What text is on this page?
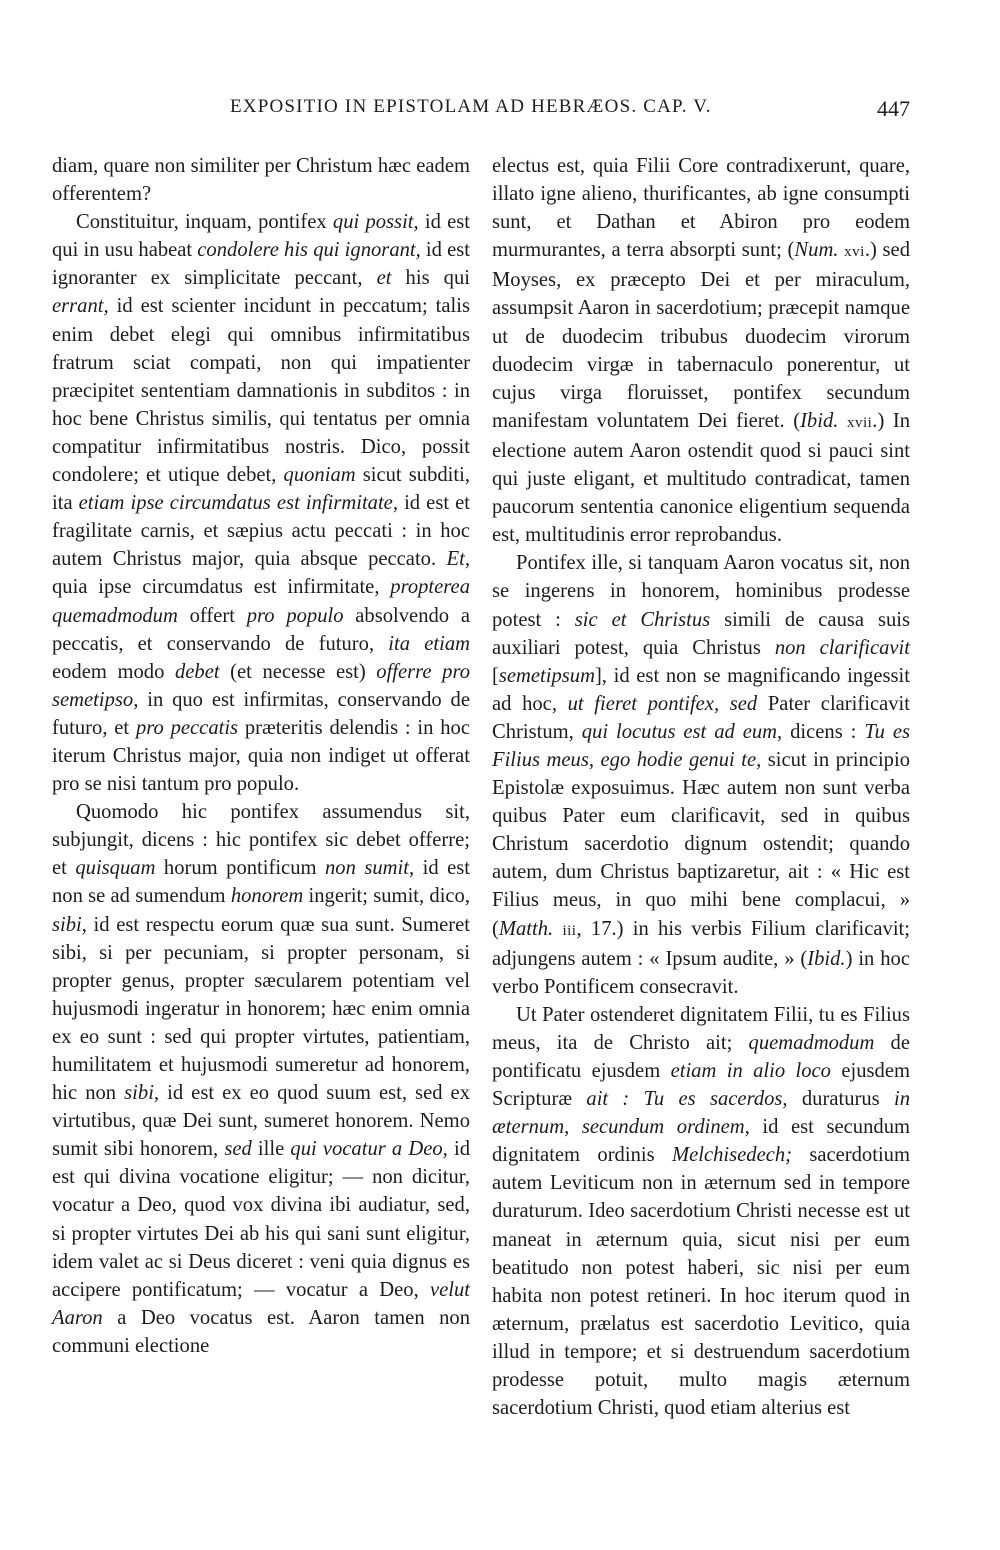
EXPOSITIO IN EPISTOLAM AD HEBRÆOS. CAP. V.	447

diam, quare non similiter per Christum hæc eadem offerentem?

Constituitur, inquam, pontifex qui possit, id est qui in usu habeat condolere his qui ignorant, id est ignoranter ex simplicitate peccant, et his qui errant, id est scienter incidunt in peccatum; talis enim debet elegi qui omnibus infirmitatibus fratrum sciat compati, non qui impatienter præcipitet sententiam damnationis in subditos : in hoc bene Christus similis, qui tentatus per omnia compatitur infirmitatibus nostris. Dico, possit condolere; et utique debet, quoniam sicut subditi, ita etiam ipse circumdatus est infirmitate, id est et fragilitate carnis, et sæpius actu peccati : in hoc autem Christus major, quia absque peccato. Et, quia ipse circumdatus est infirmitate, propterea quemadmodum offert pro populo absolvendo a peccatis, et conservando de futuro, ita etiam eodem modo debet (et necesse est) offerre pro semetipso, in quo est infirmitas, conservando de futuro, et pro peccatis præteritis delendis : in hoc iterum Christus major, quia non indiget ut offerat pro se nisi tantum pro populo.

Quomodo hic pontifex assumendus sit, subjungit, dicens : hic pontifex sic debet offerre; et quisquam horum pontificum non sumit, id est non se ad sumendum honorem ingerit; sumit, dico, sibi, id est respectu eorum quæ sua sunt. Sumeret sibi, si per pecuniam, si propter personam, si propter genus, propter sæcularem potentiam vel hujusmodi ingeratur in honorem; hæc enim omnia ex eo sunt : sed qui propter virtutes, patientiam, humilitatem et hujusmodi sumeretur ad honorem, hic non sibi, id est ex eo quod suum est, sed ex virtutibus, quæ Dei sunt, sumeret honorem. Nemo sumit sibi honorem, sed ille qui vocatur a Deo, id est qui divina vocatione eligitur; — non dicitur, vocatur a Deo, quod vox divina ibi audiatur, sed, si propter virtutes Dei ab his qui sani sunt eligitur, idem valet ac si Deus diceret : veni quia dignus es accipere pontificatum; — vocatur a Deo, velut Aaron a Deo vocatus est. Aaron tamen non communi electione

electus est, quia Filii Core contradixerunt, quare, illato igne alieno, thurificantes, ab igne consumpti sunt, et Dathan et Abiron pro eodem murmurantes, a terra absorpti sunt; (Num. xvi.) sed Moyses, ex præcepto Dei et per miraculum, assumpsit Aaron in sacerdotium; præcepit namque ut de duodecim tribubus duodecim virorum duodecim virgæ in tabernaculo ponerentur, ut cujus virga floruisset, pontifex secundum manifestam voluntatem Dei fieret. (Ibid. xvii.) In electione autem Aaron ostendit quod si pauci sint qui juste eligant, et multitudo contradicat, tamen paucorum sententia canonice eligentium sequenda est, multitudinis error reprobandus.

Pontifex ille, si tanquam Aaron vocatus sit, non se ingerens in honorem, hominibus prodesse potest : sic et Christus simili de causa suis auxiliari potest, quia Christus non clarificavit [semetipsum], id est non se magnificando ingessit ad hoc, ut fieret pontifex, sed Pater clarificavit Christum, qui locutus est ad eum, dicens : Tu es Filius meus, ego hodie genui te, sicut in principio Epistolæ exposuimus. Hæc autem non sunt verba quibus Pater eum clarificavit, sed in quibus Christum sacerdotio dignum ostendit; quando autem, dum Christus baptizaretur, ait : « Hic est Filius meus, in quo mihi bene complacui, » (Matth. iii, 17.) in his verbis Filium clarificavit; adjungens autem : « Ipsum audite, » (Ibid.) in hoc verbo Pontificem consecravit.

Ut Pater ostenderet dignitatem Filii, tu es Filius meus, ita de Christo ait; quemadmodum de pontificatu ejusdem etiam in alio loco ejusdem Scripturæ ait : Tu es sacerdos, duraturus in æternum, secundum ordinem, id est secundum dignitatem ordinis Melchisedech; sacerdotium autem Leviticum non in æternum sed in tempore duraturum. Ideo sacerdotium Christi necesse est ut maneat in æternum quia, sicut nisi per eum beatitudo non potest haberi, sic nisi per eum habita non potest retineri. In hoc iterum quod in æternum, prælatus est sacerdotio Levitico, quia illud in tempore; et si destruendum sacerdotium prodesse potuit, multo magis æternum sacerdotium Christi, quod etiam alterius est
